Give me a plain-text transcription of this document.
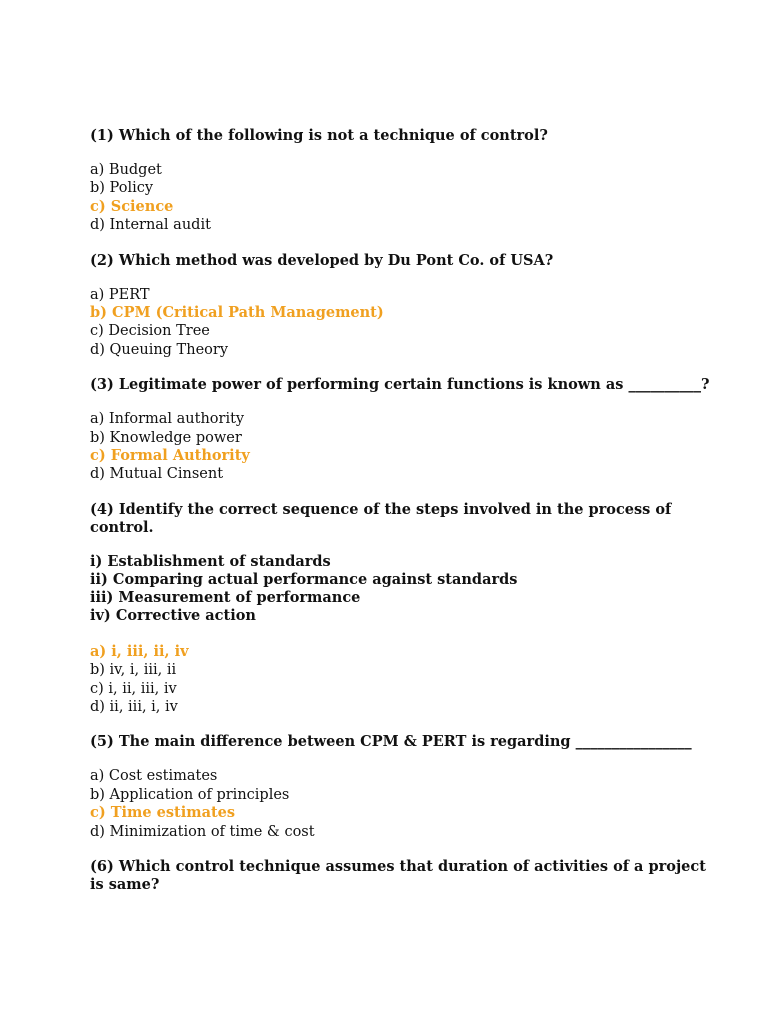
(1) Which of the following is not a technique of control?
a) Budget
b) Policy
c) Science
d) Internal audit
(2) Which method was developed by Du Pont Co. of USA?
a) PERT
b) CPM (Critical Path Management)
c) Decision Tree
d) Queuing Theory
(3) Legitimate power of performing certain functions is known as __________?
a) Informal authority
b) Knowledge power
c) Formal Authority
d) Mutual Cinsent
(4) Identify the correct sequence of the steps involved in the process of control.
i) Establishment of standards
ii) Comparing actual performance against standards
iii) Measurement of performance
iv) Corrective action
a) i, iii, ii, iv
b) iv, i, iii, ii
c) i, ii, iii, iv
d) ii, iii, i, iv
(5) The main difference between CPM & PERT is regarding ________________
a) Cost estimates
b) Application of principles
c) Time estimates
d) Minimization of time & cost
(6) Which control technique assumes that duration of activities of a project is same?
